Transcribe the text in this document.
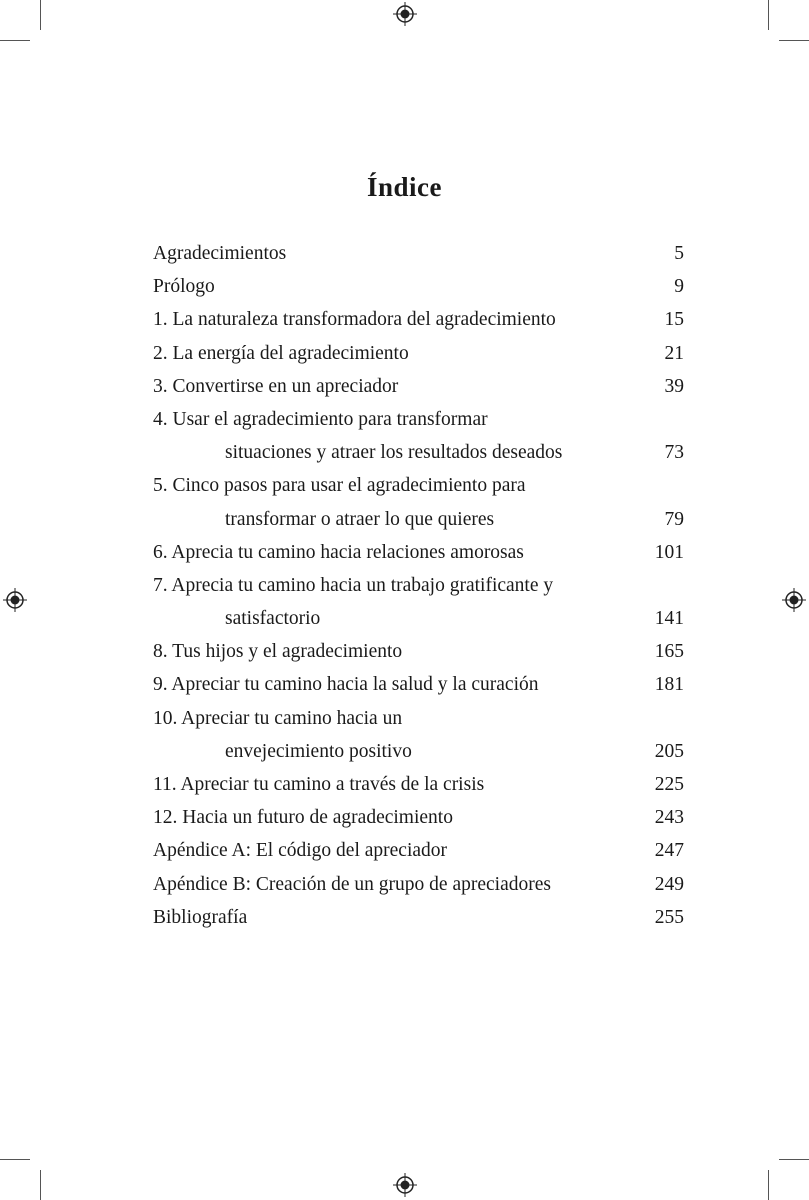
Índice
Agradecimientos	5
Prólogo	9
1. La naturaleza transformadora del agradecimiento	15
2. La energía del agradecimiento	21
3. Convertirse en un apreciador	39
4. Usar el agradecimiento para transformar
situaciones y atraer los resultados deseados	73
5. Cinco pasos para usar el agradecimiento para
transformar o atraer lo que quieres	79
6. Aprecia tu camino hacia relaciones amorosas	101
7. Aprecia tu camino hacia un trabajo gratificante y
satisfactorio	141
8. Tus hijos y el agradecimiento	165
9. Apreciar tu camino hacia la salud y la curación	181
10. Apreciar tu camino hacia un
envejecimiento positivo	205
11. Apreciar tu camino a través de la crisis	225
12. Hacia un futuro de agradecimiento	243
Apéndice A: El código del apreciador	247
Apéndice B: Creación de un grupo de apreciadores	249
Bibliografía	255
